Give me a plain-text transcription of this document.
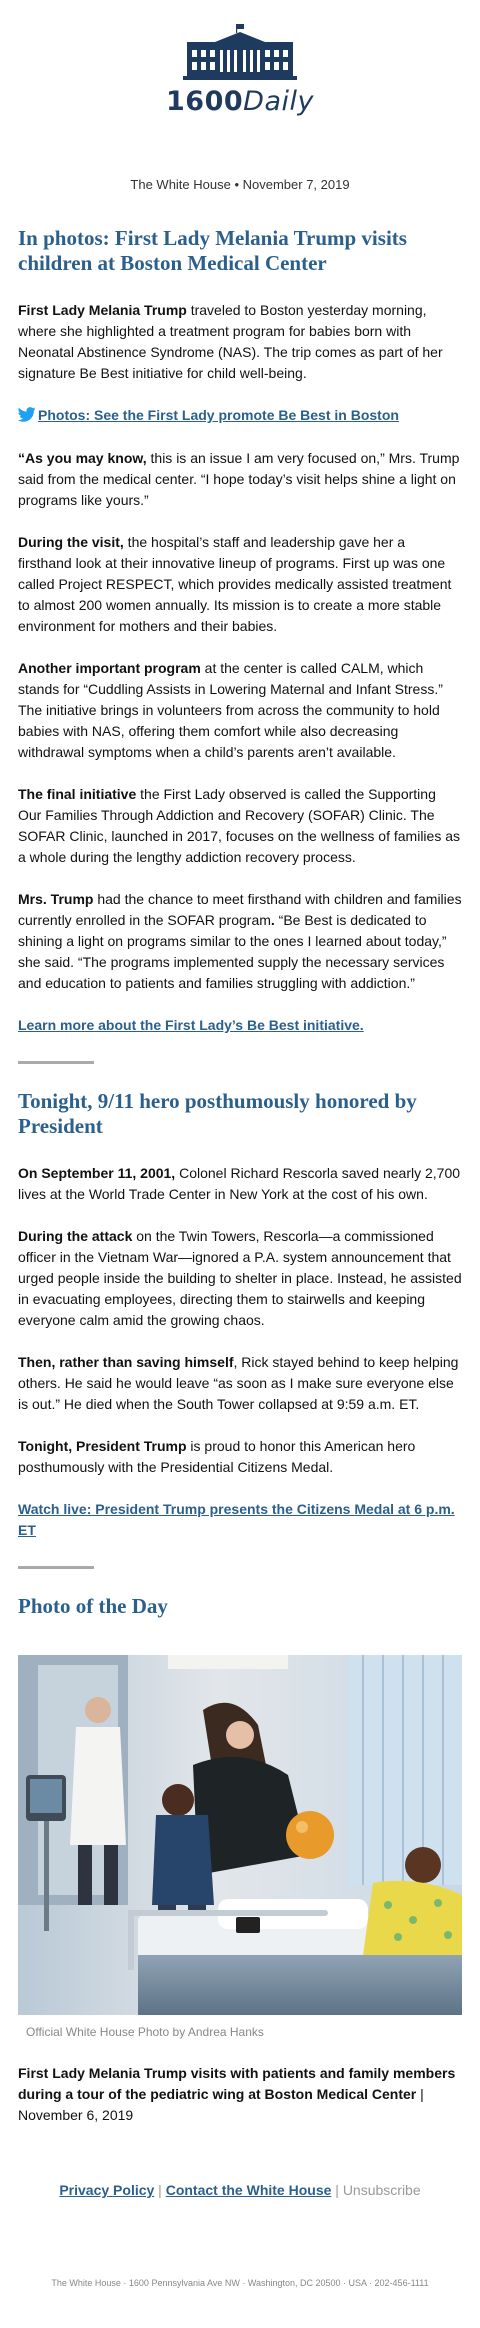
1600Daily
The White House • November 7, 2019
In photos: First Lady Melania Trump visits children at Boston Medical Center

First Lady Melania Trump traveled to Boston yesterday morning, where she highlighted a treatment program for babies born with Neonatal Abstinence Syndrome (NAS). The trip comes as part of her signature Be Best initiative for child well-being.

Photos: See the First Lady promote Be Best in Boston

“As you may know, this is an issue I am very focused on,” Mrs. Trump said from the medical center. “I hope today’s visit helps shine a light on programs like yours.”

During the visit, the hospital’s staff and leadership gave her a firsthand look at their innovative lineup of programs. First up was one called Project RESPECT, which provides medically assisted treatment to almost 200 women annually. Its mission is to create a more stable environment for mothers and their babies.

Another important program at the center is called CALM, which stands for “Cuddling Assists in Lowering Maternal and Infant Stress.” The initiative brings in volunteers from across the community to hold babies with NAS, offering them comfort while also decreasing withdrawal symptoms when a child’s parents aren’t available.

The final initiative the First Lady observed is called the Supporting Our Families Through Addiction and Recovery (SOFAR) Clinic. The SOFAR Clinic, launched in 2017, focuses on the wellness of families as a whole during the lengthy addiction recovery process.

Mrs. Trump had the chance to meet firsthand with children and families currently enrolled in the SOFAR program. “Be Best is dedicated to shining a light on programs similar to the ones I learned about today,” she said. “The programs implemented supply the necessary services and education to patients and families struggling with addiction.”

Learn more about the First Lady’s Be Best initiative.

Tonight, 9/11 hero posthumously honored by President

On September 11, 2001, Colonel Richard Rescorla saved nearly 2,700 lives at the World Trade Center in New York at the cost of his own.

During the attack on the Twin Towers, Rescorla—a commissioned officer in the Vietnam War—ignored a P.A. system announcement that urged people inside the building to shelter in place. Instead, he assisted in evacuating employees, directing them to stairwells and keeping everyone calm amid the growing chaos.

Then, rather than saving himself, Rick stayed behind to keep helping others. He said he would leave “as soon as I make sure everyone else is out.” He died when the South Tower collapsed at 9:59 a.m. ET.

Tonight, President Trump is proud to honor this American hero posthumously with the Presidential Citizens Medal.

Watch live: President Trump presents the Citizens Medal at 6 p.m. ET

Photo of the Day
Official White House Photo by Andrea Hanks

First Lady Melania Trump visits with patients and family members during a tour of the pediatric wing at Boston Medical Center | November 6, 2019

Privacy Policy | Contact the White House | Unsubscribe
The White House · 1600 Pennsylvania Ave NW · Washington, DC 20500 · USA · 202-456-1111
